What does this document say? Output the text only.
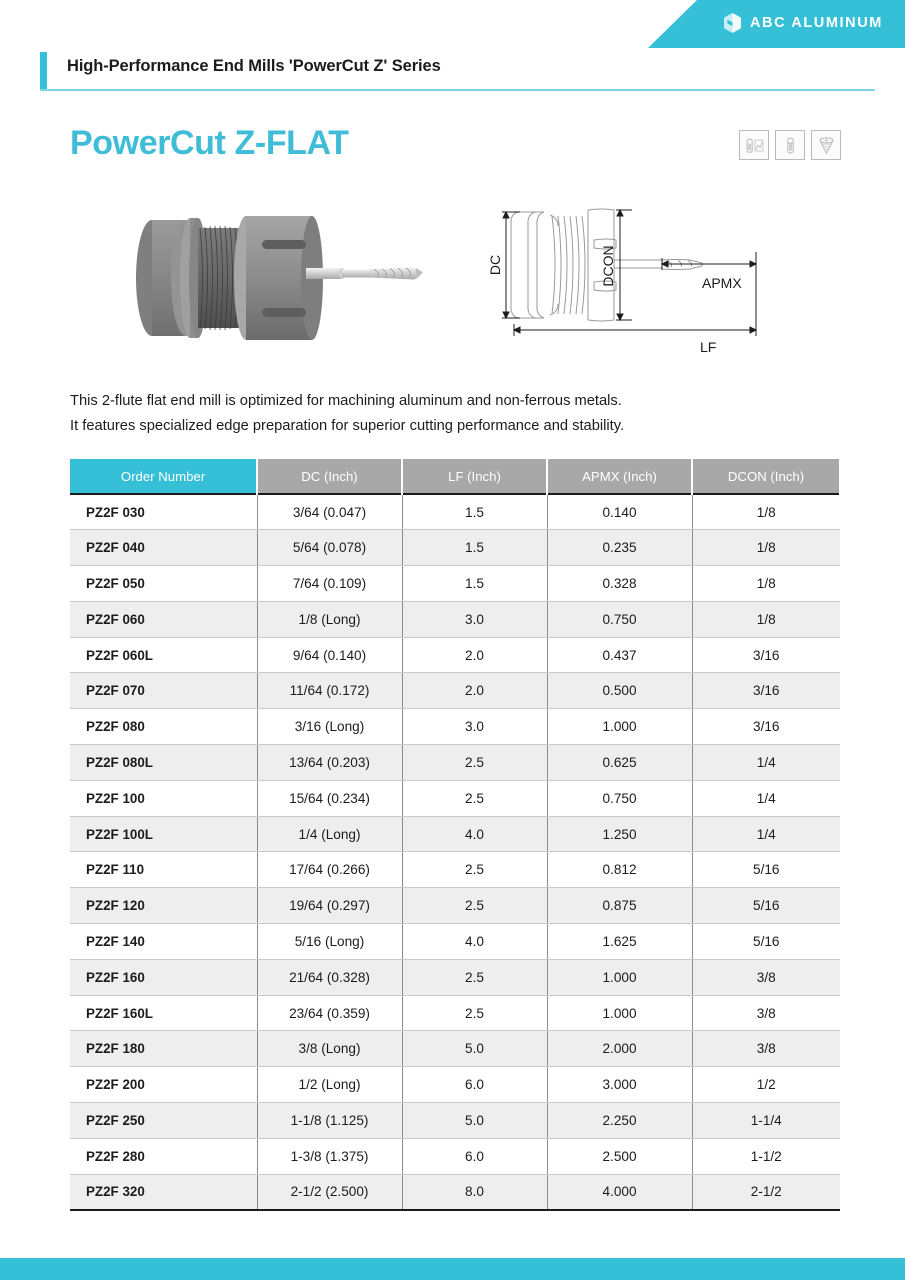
ABC ALUMINUM
High-Performance End Mills 'PowerCut Z' Series
PowerCut Z-FLAT
DC	DCON	APMX
LF

This 2-flute flat end mill is optimized for machining aluminum and non-ferrous metals.

It features specialized edge preparation for superior cutting performance and stability.

Order Number	DC (Inch)	LF (Inch)	APMX (Inch)	DCON (Inch)
PZ2F 030	3/64 (0.047)	1.5	0.140	1/8
PZ2F 040	5/64 (0.078)	1.5	0.235	1/8
PZ2F 050	7/64 (0.109)	1.5	0.328	1/8
PZ2F 060	1/8 (Long)	3.0	0.750	1/8
PZ2F 060L	9/64 (0.140)	2.0	0.437	3/16
PZ2F 070	11/64 (0.172)	2.0	0.500	3/16
PZ2F 080	3/16 (Long)	3.0	1.000	3/16
PZ2F 080L	13/64 (0.203)	2.5	0.625	1/4
PZ2F 100	15/64 (0.234)	2.5	0.750	1/4
PZ2F 100L	1/4 (Long)	4.0	1.250	1/4
PZ2F 110	17/64 (0.266)	2.5	0.812	5/16
PZ2F 120	19/64 (0.297)	2.5	0.875	5/16
PZ2F 140	5/16 (Long)	4.0	1.625	5/16
PZ2F 160	21/64 (0.328)	2.5	1.000	3/8
PZ2F 160L	23/64 (0.359)	2.5	1.000	3/8
PZ2F 180	3/8 (Long)	5.0	2.000	3/8
PZ2F 200	1/2 (Long)	6.0	3.000	1/2
PZ2F 250	1-1/8 (1.125)	5.0	2.250	1-1/4
PZ2F 280	1-3/8 (1.375)	6.0	2.500	1-1/2
PZ2F 320	2-1/2 (2.500)	8.0	4.000	2-1/2
